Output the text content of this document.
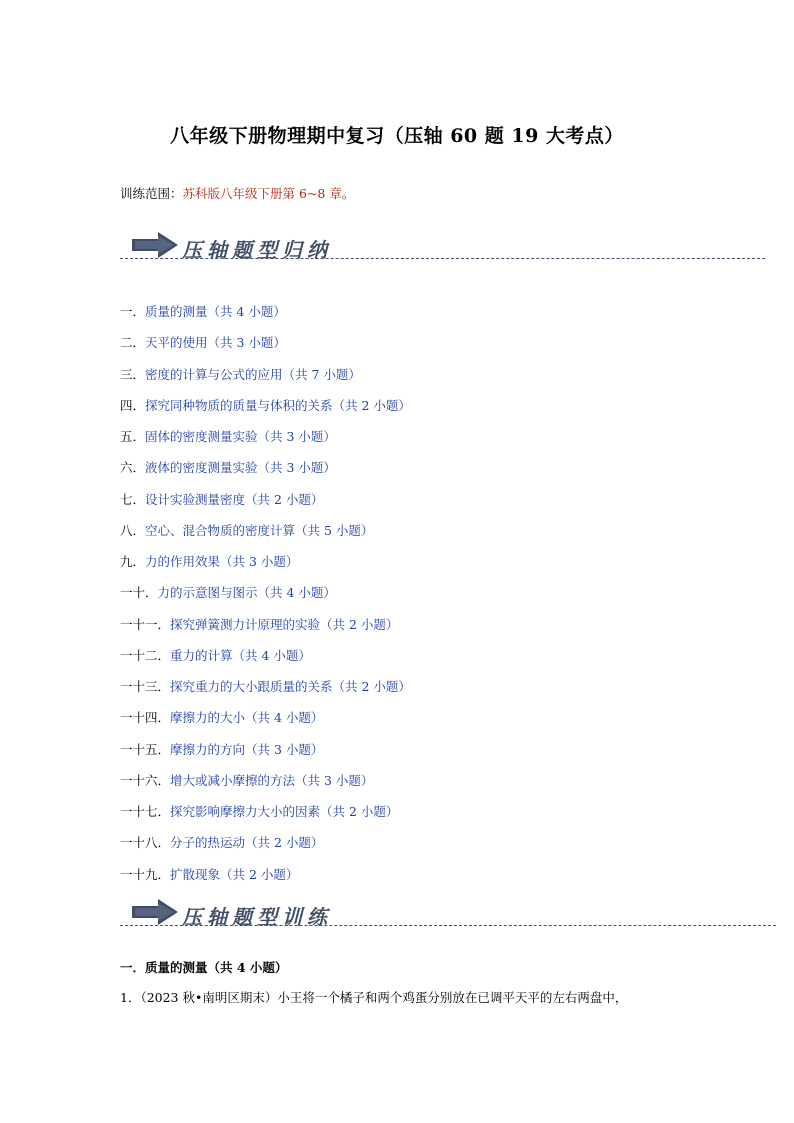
八年级下册物理期中复习（压轴 60 题 19 大考点）
训练范围：苏科版八年级下册第 6~8 章。
压轴题型归纳
一．质量的测量（共 4 小题）
二．天平的使用（共 3 小题）
三．密度的计算与公式的应用（共 7 小题）
四．探究同种物质的质量与体积的关系（共 2 小题）
五．固体的密度测量实验（共 3 小题）
六．液体的密度测量实验（共 3 小题）
七．设计实验测量密度（共 2 小题）
八．空心、混合物质的密度计算（共 5 小题）
九．力的作用效果（共 3 小题）
一十．力的示意图与图示（共 4 小题）
一十一．探究弹簧测力计原理的实验（共 2 小题）
一十二．重力的计算（共 4 小题）
一十三．探究重力的大小跟质量的关系（共 2 小题）
一十四．摩擦力的大小（共 4 小题）
一十五．摩擦力的方向（共 3 小题）
一十六．增大或减小摩擦的方法（共 3 小题）
一十七．探究影响摩擦力大小的因素（共 2 小题）
一十八．分子的热运动（共 2 小题）
一十九．扩散现象（共 2 小题）
压轴题型训练
一．质量的测量（共 4 小题）
1．（2023 秋•南明区期末）小王将一个橘子和两个鸡蛋分别放在已调平天平的左右两盘中，
